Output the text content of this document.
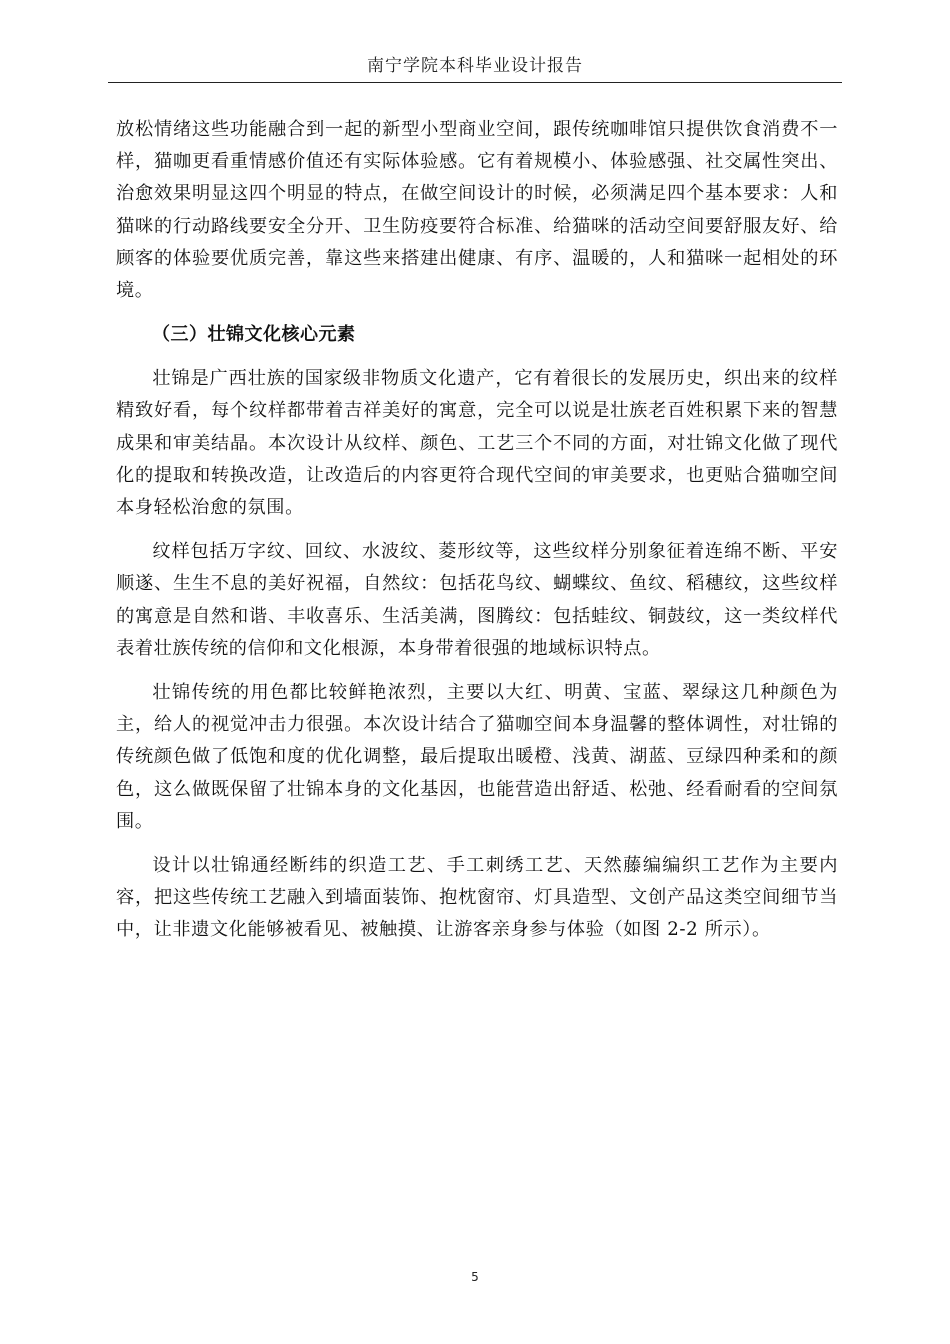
南宁学院本科毕业设计报告

放松情绪这些功能融合到一起的新型小型商业空间，跟传统咖啡馆只提供饮食消费不一样，猫咖更看重情感价值还有实际体验感。它有着规模小、体验感强、社交属性突出、治愈效果明显这四个明显的特点，在做空间设计的时候，必须满足四个基本要求：人和猫咪的行动路线要安全分开、卫生防疫要符合标准、给猫咪的活动空间要舒服友好、给顾客的体验要优质完善，靠这些来搭建出健康、有序、温暖的，人和猫咪一起相处的环境。

（三）壮锦文化核心元素

壮锦是广西壮族的国家级非物质文化遗产，它有着很长的发展历史，织出来的纹样精致好看，每个纹样都带着吉祥美好的寓意，完全可以说是壮族老百姓积累下来的智慧成果和审美结晶。本次设计从纹样、颜色、工艺三个不同的方面，对壮锦文化做了现代化的提取和转换改造，让改造后的内容更符合现代空间的审美要求，也更贴合猫咖空间本身轻松治愈的氛围。

纹样包括万字纹、回纹、水波纹、菱形纹等，这些纹样分别象征着连绵不断、平安顺遂、生生不息的美好祝福，自然纹：包括花鸟纹、蝴蝶纹、鱼纹、稻穗纹，这些纹样的寓意是自然和谐、丰收喜乐、生活美满，图腾纹：包括蛙纹、铜鼓纹，这一类纹样代表着壮族传统的信仰和文化根源，本身带着很强的地域标识特点。

壮锦传统的用色都比较鲜艳浓烈，主要以大红、明黄、宝蓝、翠绿这几种颜色为主，给人的视觉冲击力很强。本次设计结合了猫咖空间本身温馨的整体调性，对壮锦的传统颜色做了低饱和度的优化调整，最后提取出暖橙、浅黄、湖蓝、豆绿四种柔和的颜色，这么做既保留了壮锦本身的文化基因，也能营造出舒适、松弛、经看耐看的空间氛围。

设计以壮锦通经断纬的织造工艺、手工刺绣工艺、天然藤编编织工艺作为主要内容，把这些传统工艺融入到墙面装饰、抱枕窗帘、灯具造型、文创产品这类空间细节当中，让非遗文化能够被看见、被触摸、让游客亲身参与体验（如图 2-2 所示）。

5
